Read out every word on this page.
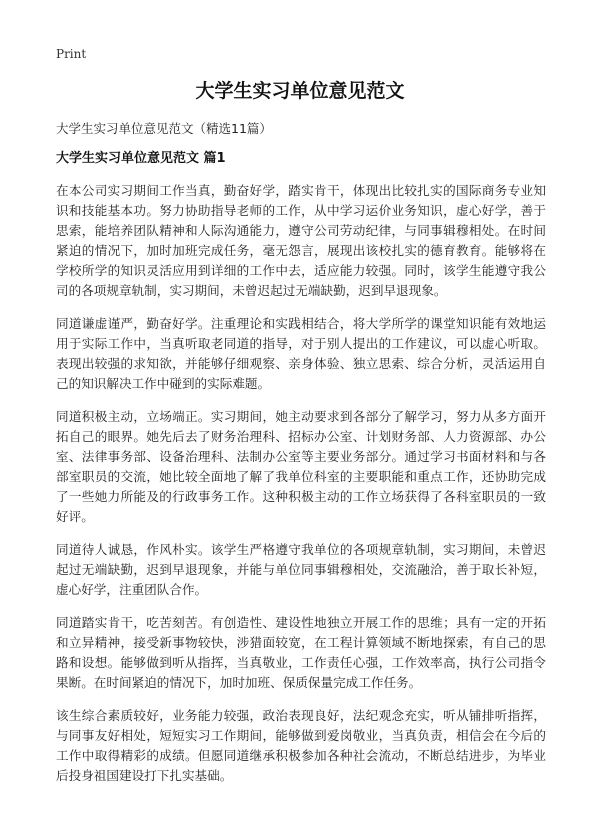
Print
大学生实习单位意见范文
大学生实习单位意见范文（精选11篇）
大学生实习单位意见范文 篇1

在本公司实习期间工作当真，勤奋好学，踏实肯干，体现出比较扎实的国际商务专业知识和技能基本功。努力协助指导老师的工作，从中学习运价业务知识，虚心好学，善于思索，能培养团队精神和人际沟通能力，遵守公司劳动纪律，与同事辑穆相处。在时间紧迫的情况下，加时加班完成任务，毫无怨言，展现出该校扎实的德育教育。能够将在学校所学的知识灵活应用到详细的工作中去，适应能力较强。同时，该学生能遵守我公司的各项规章轨制，实习期间，未曾迟起过无端缺勤，迟到早退现象。

同道谦虚谨严，勤奋好学。注重理论和实践相结合，将大学所学的课堂知识能有效地运用于实际工作中，当真听取老同道的指导，对于别人提出的工作建议，可以虚心听取。表现出较强的求知欲，并能够仔细观察、亲身体验、独立思索、综合分析，灵活运用自己的知识解决工作中碰到的实际难题。

同道积极主动，立场端正。实习期间，她主动要求到各部分了解学习，努力从多方面开拓自己的眼界。她先后去了财务治理科、招标办公室、计划财务部、人力资源部、办公室、法律事务部、设备治理科、法制办公室等主要业务部分。通过学习书面材料和与各部室职员的交流，她比较全面地了解了我单位科室的主要职能和重点工作，还协助完成了一些她力所能及的行政事务工作。这种积极主动的工作立场获得了各科室职员的一致好评。

同道待人诚恳，作风朴实。该学生严格遵守我单位的各项规章轨制，实习期间，未曾迟起过无端缺勤，迟到早退现象，并能与单位同事辑穆相处，交流融洽，善于取长补短，虚心好学，注重团队合作。

同道踏实肯干，吃苦刻苦。有创造性、建设性地独立开展工作的思维；具有一定的开拓和立异精神，接受新事物较快，涉猎面较宽，在工程计算领域不断地探索，有自己的思路和设想。能够做到听从指挥，当真敬业，工作责任心强，工作效率高，执行公司指令果断。在时间紧迫的情况下，加时加班、保质保量完成工作任务。

该生综合素质较好，业务能力较强，政治表现良好，法纪观念充实，听从铺排听指挥，与同事友好相处，短短实习工作期间，能够做到爱岗敬业，当真负责，相信会在今后的工作中取得精彩的成绩。但愿同道继承积极参加各种社会流动，不断总结进步，为毕业后投身祖国建设打下扎实基础。
